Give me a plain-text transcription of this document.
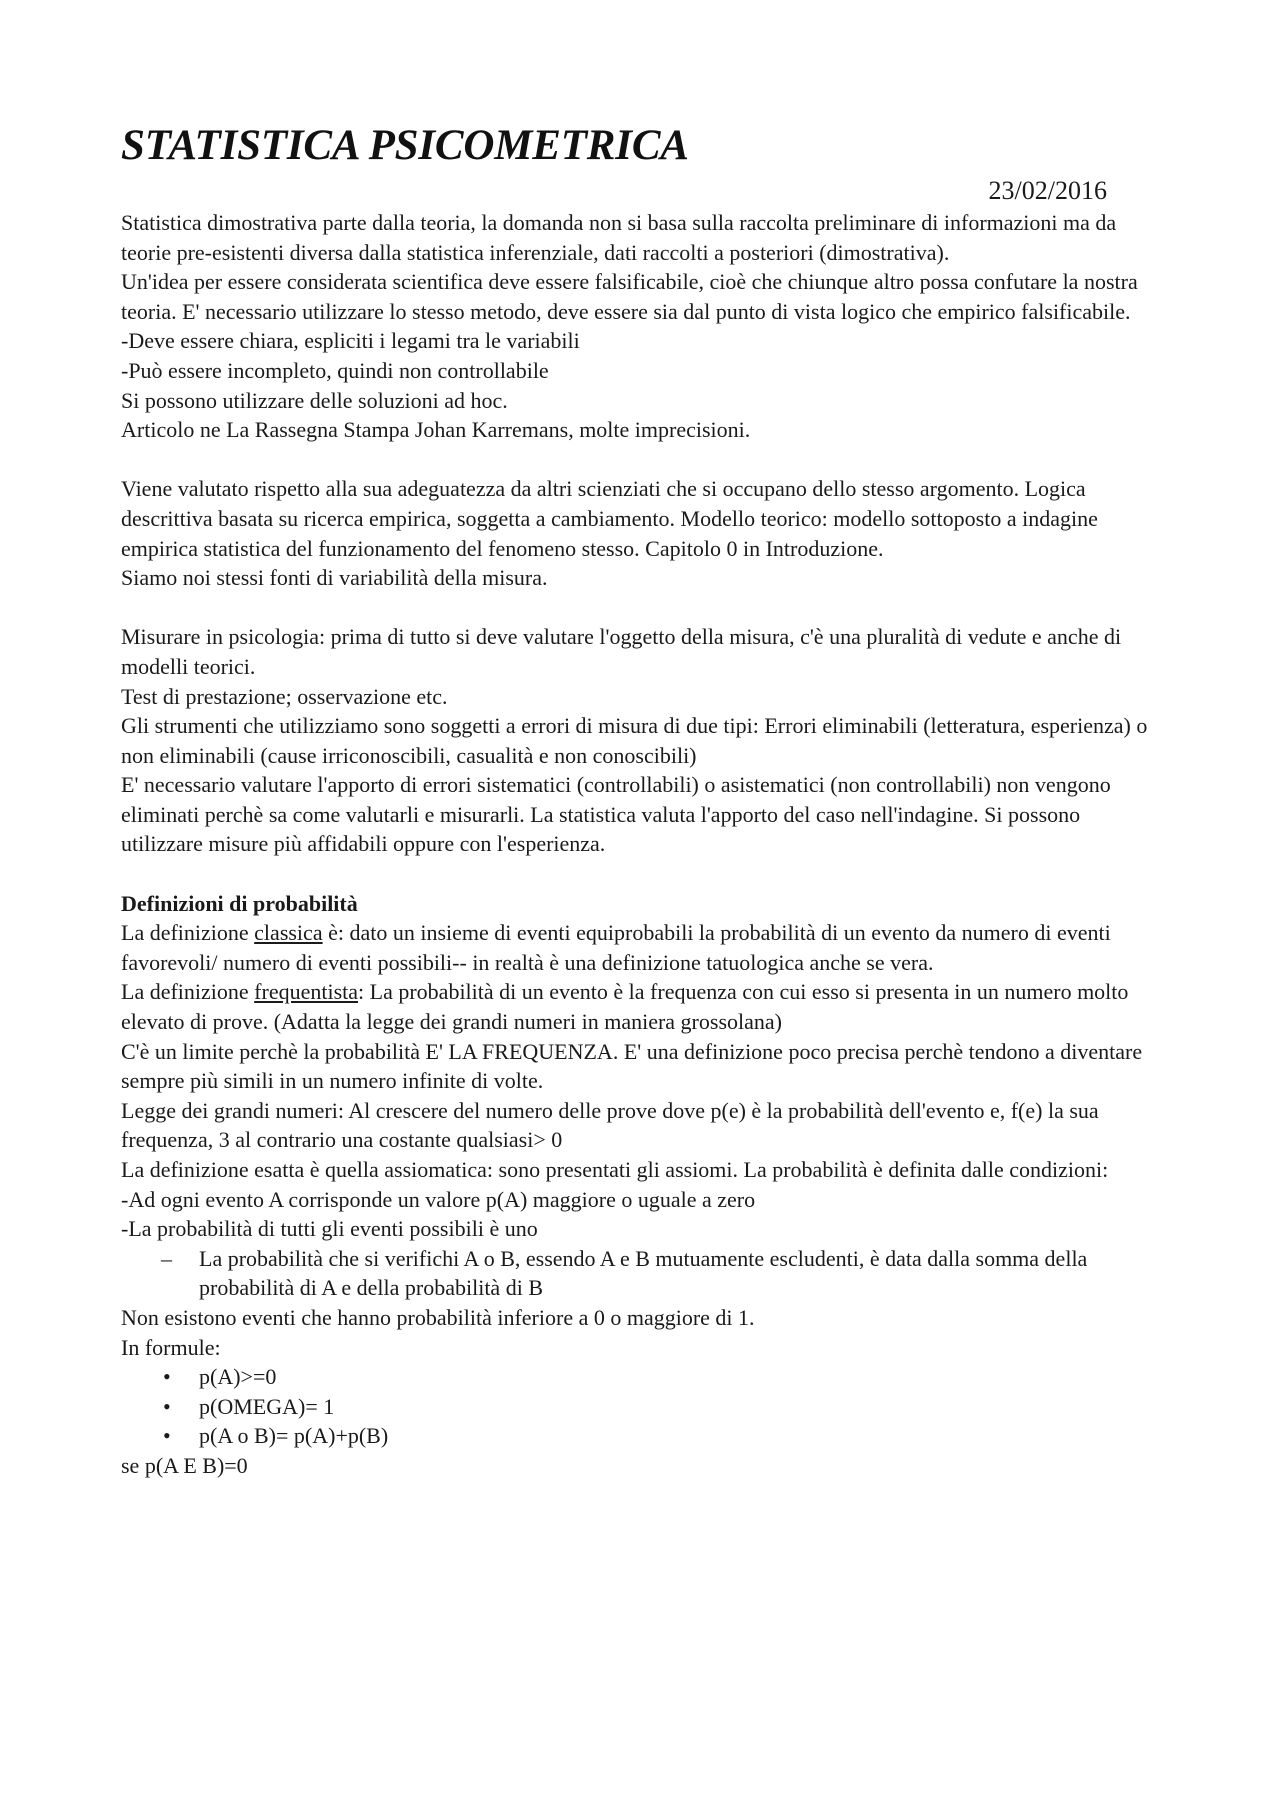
STATISTICA PSICOMETRICA

23/02/2016

Statistica dimostrativa parte dalla teoria, la domanda non si basa sulla raccolta preliminare di informazioni ma da teorie pre-esistenti diversa dalla statistica inferenziale, dati raccolti a posteriori (dimostrativa).

Un'idea per essere considerata scientifica deve essere falsificabile, cioè che chiunque altro possa confutare la nostra teoria. E' necessario utilizzare lo stesso metodo, deve essere sia dal punto di vista logico che empirico falsificabile.

-Deve essere chiara, espliciti i legami tra le variabili

-Può essere incompleto, quindi non controllabile

Si possono utilizzare delle soluzioni ad hoc.

Articolo ne La Rassegna Stampa Johan Karremans, molte imprecisioni.

Viene valutato rispetto alla sua adeguatezza da altri scienziati che si occupano dello stesso argomento. Logica descrittiva basata su ricerca empirica, soggetta a cambiamento. Modello teorico: modello sottoposto a indagine empirica statistica del funzionamento del fenomeno stesso. Capitolo 0 in Introduzione.

Siamo noi stessi fonti di variabilità della misura.

Misurare in psicologia: prima di tutto si deve valutare l'oggetto della misura, c'è una pluralità di vedute e anche di modelli teorici.

Test di prestazione; osservazione etc.

Gli strumenti che utilizziamo sono soggetti a errori di misura di due tipi: Errori eliminabili (letteratura, esperienza) o non eliminabili (cause irriconoscibili, casualità e non conoscibili)

E' necessario valutare l'apporto di errori sistematici (controllabili) o asistematici (non controllabili) non vengono eliminati perchè sa come valutarli e misurarli. La statistica valuta l'apporto del caso nell'indagine. Si possono utilizzare misure più affidabili oppure con l'esperienza.

Definizioni di probabilità

La definizione classica è: dato un insieme di eventi equiprobabili la probabilità di un evento da numero di eventi favorevoli/ numero di eventi possibili-- in realtà è una definizione tatuologica anche se vera.

La definizione frequentista: La probabilità di un evento è la frequenza con cui esso si presenta in un numero molto elevato di prove. (Adatta la legge dei grandi numeri in maniera grossolana)

C'è un limite perchè la probabilità E' LA FREQUENZA. E' una definizione poco precisa perchè tendono a diventare sempre più simili in un numero infinite di volte.

Legge dei grandi numeri: Al crescere del numero delle prove dove p(e) è la probabilità dell'evento e, f(e) la sua frequenza, 3 al contrario una costante qualsiasi> 0

La definizione esatta è quella assiomatica: sono presentati gli assiomi. La probabilità è definita dalle condizioni:

-Ad ogni evento A corrisponde un valore p(A) maggiore o uguale a zero

-La probabilità di tutti gli eventi possibili è uno

– La probabilità che si verifichi A o B, essendo A e B mutuamente escludenti, è data dalla somma della probabilità di A e della probabilità di B

Non esistono eventi che hanno probabilità inferiore a 0 o maggiore di 1.

In formule:

• p(A)>=0
• p(OMEGA)= 1
• p(A o B)= p(A)+p(B)

se p(A E B)=0
